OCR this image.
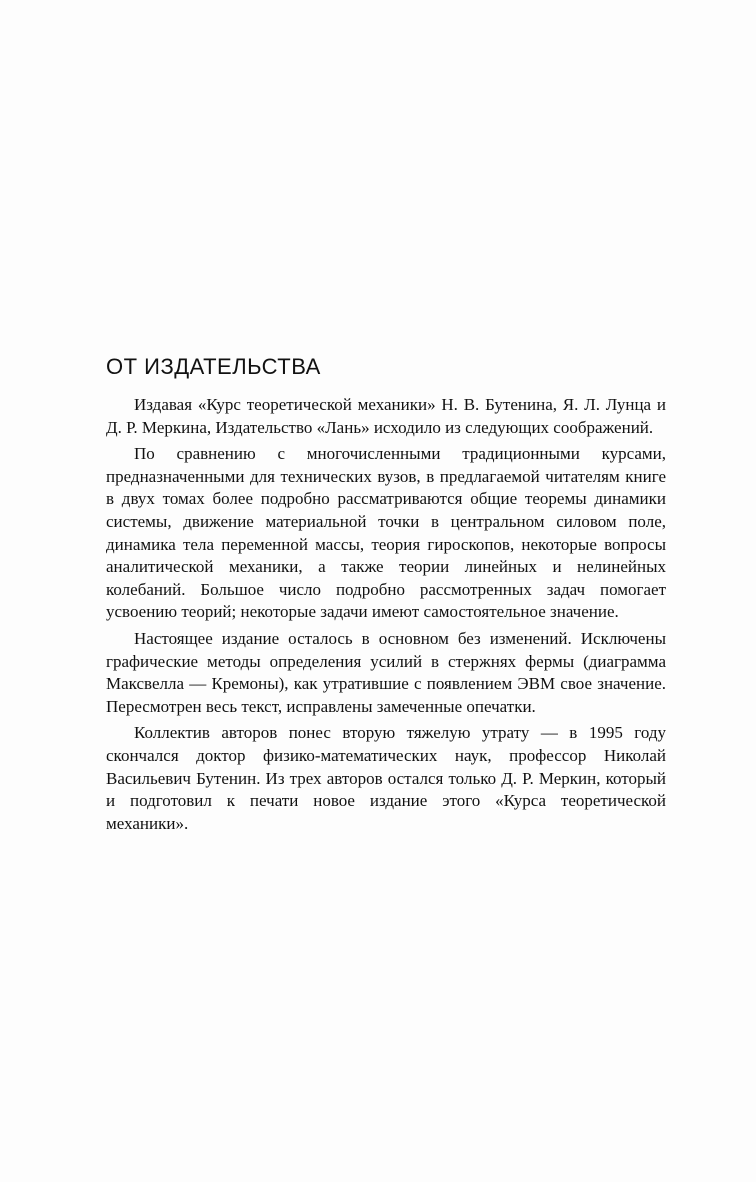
ОТ ИЗДАТЕЛЬСТВА

Издавая «Курс теоретической механики» Н. В. Бутенина, Я. Л. Лунца и Д. Р. Меркина, Издательство «Лань» исходило из следующих соображений.

По сравнению с многочисленными традиционными курсами, предназначенными для технических вузов, в предлагаемой читателям книге в двух томах более подробно рассматриваются общие теоремы динамики системы, движение материальной точки в центральном силовом поле, динамика тела переменной массы, теория гироскопов, некоторые вопросы аналитической механики, а также теории линейных и нелинейных колебаний. Большое число подробно рассмотренных задач помогает усвоению теорий; некоторые задачи имеют самостоятельное значение.

Настоящее издание осталось в основном без изменений. Исключены графические методы определения усилий в стержнях фермы (диаграмма Максвелла — Кремоны), как утратившие с появлением ЭВМ свое значение. Пересмотрен весь текст, исправлены замеченные опечатки.

Коллектив авторов понес вторую тяжелую утрату — в 1995 году скончался доктор физико-математических наук, профессор Николай Васильевич Бутенин. Из трех авторов остался только Д. Р. Меркин, который и подготовил к печати новое издание этого «Курса теоретической механики».
